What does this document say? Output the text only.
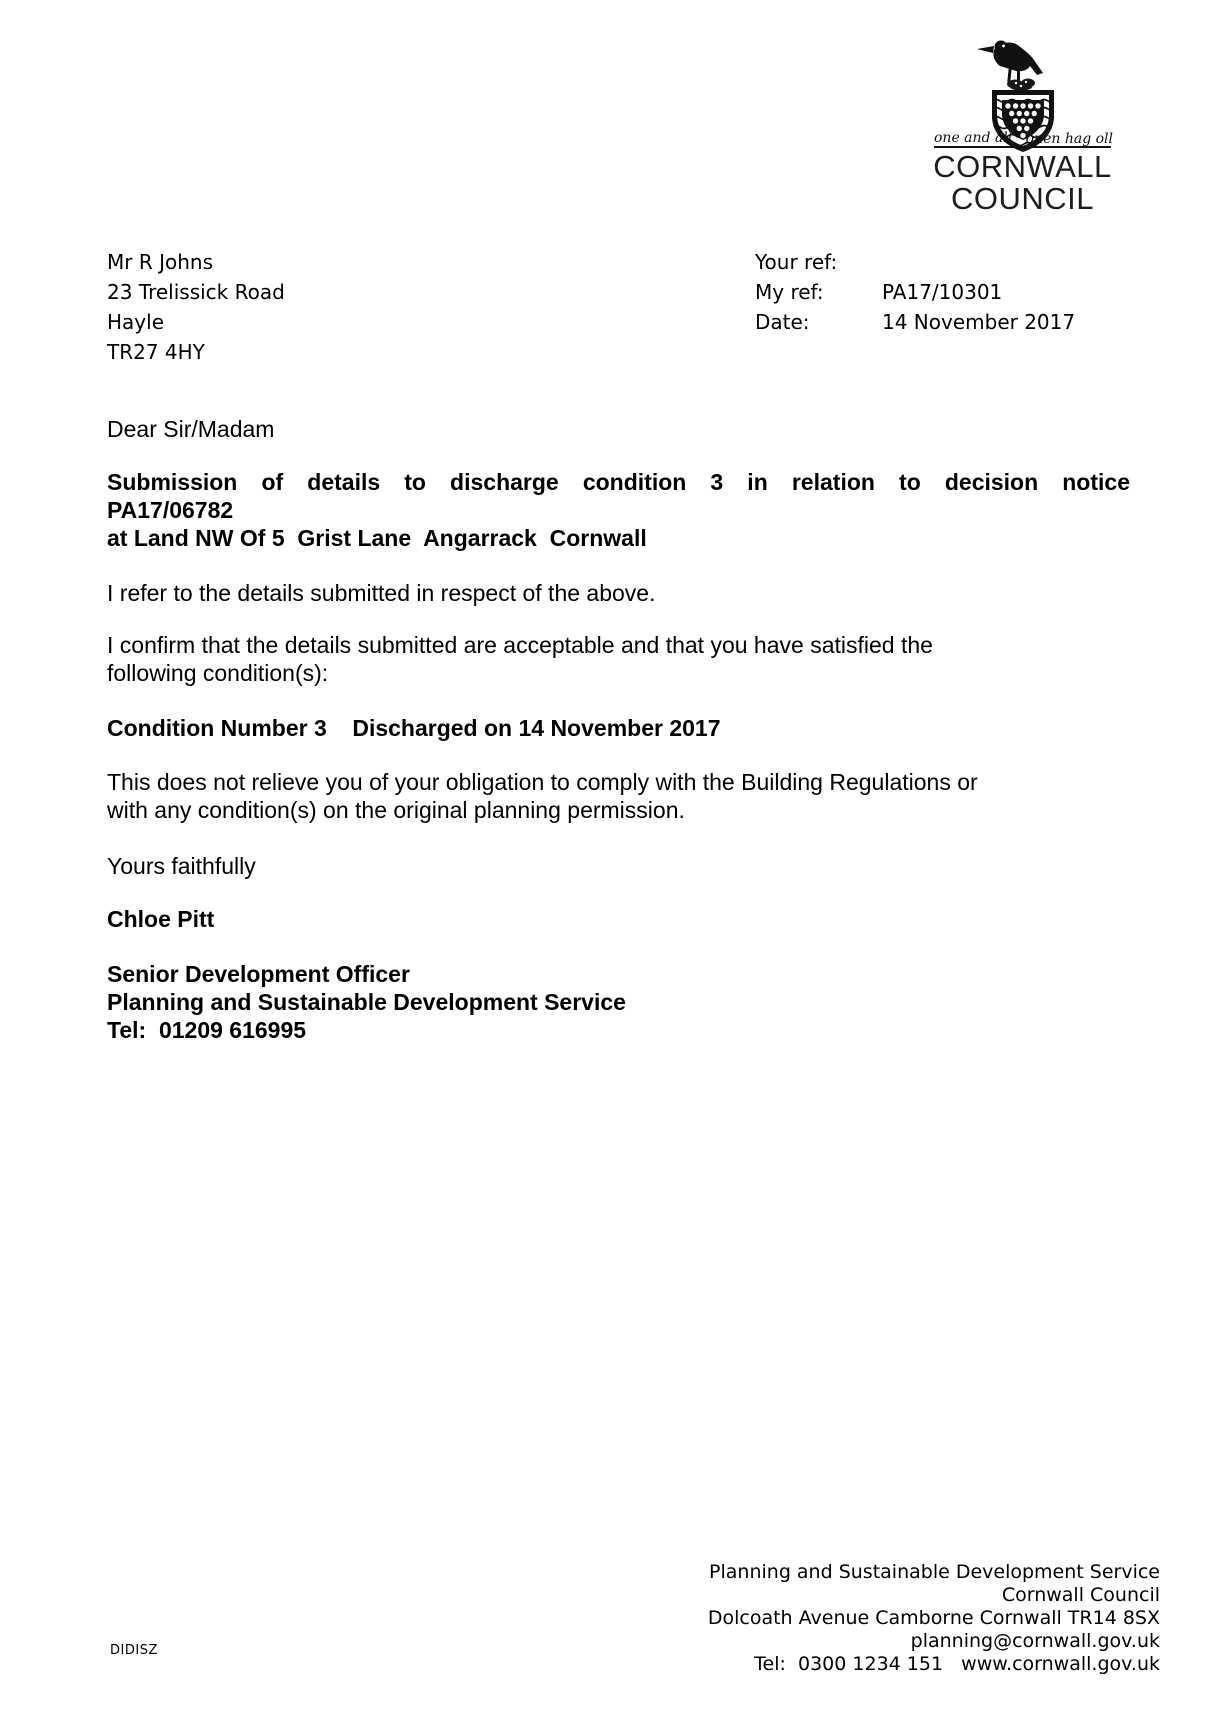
one and all onen hag oll
CORNWALL
COUNCIL
Mr R Johns
23 Trelissick Road
Hayle
TR27 4HY
Your ref:
My ref:
Date:

PA17/10301
14 November 2017
Dear Sir/Madam
Submission of details to discharge condition 3 in relation to decision notice
PA17/06782
at Land NW Of 5  Grist Lane  Angarrack  Cornwall
I refer to the details submitted in respect of the above.
I confirm that the details submitted are acceptable and that you have satisfied the
following condition(s):
Condition Number 3    Discharged on 14 November 2017
This does not relieve you of your obligation to comply with the Building Regulations or
with any condition(s) on the original planning permission.
Yours faithfully
Chloe Pitt
Senior Development Officer
Planning and Sustainable Development Service
Tel:  01209 616995
Planning and Sustainable Development Service
Cornwall Council
Dolcoath Avenue Camborne Cornwall TR14 8SX
planning@cornwall.gov.uk
Tel:  0300 1234 151   www.cornwall.gov.uk
DIDISZ
